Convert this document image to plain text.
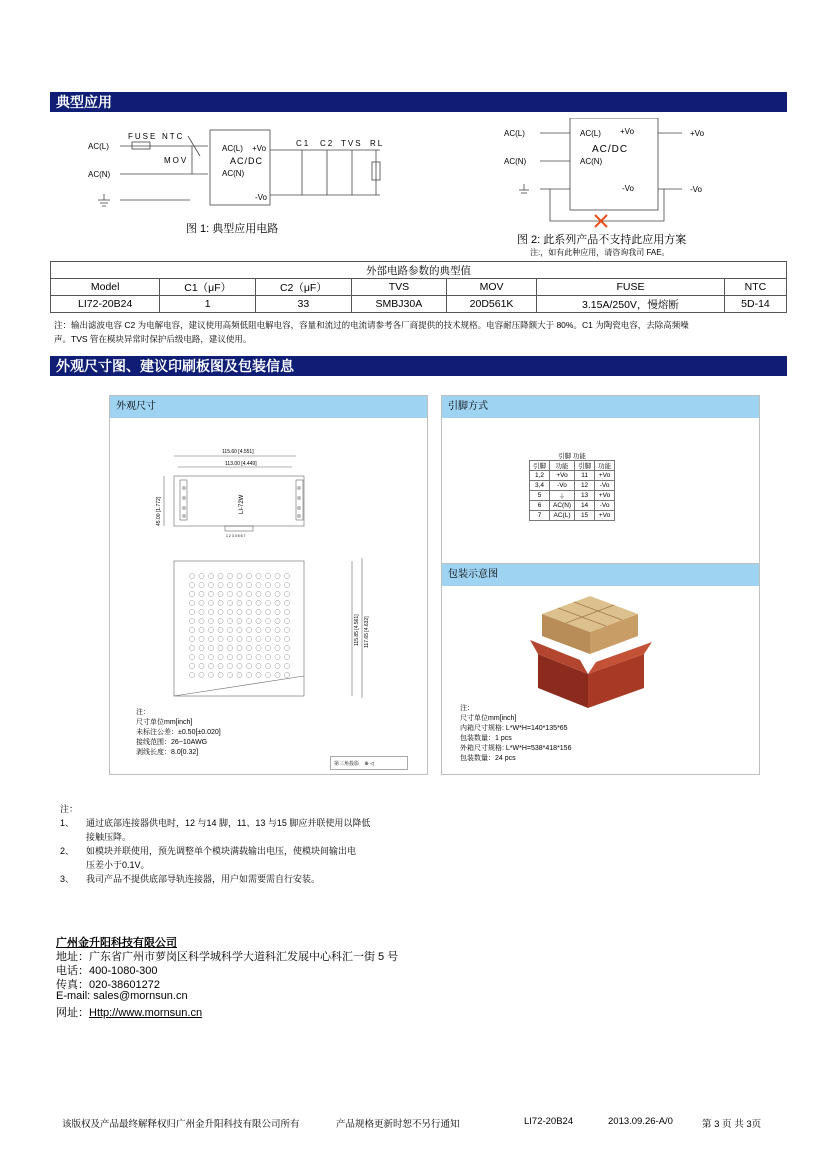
典型应用
AC(L)
AC(N)
FUSE NTC
MOV
AC(L) +Vo
AC/DC
AC(N)
-Vo
C1 C2 TVS RL
图 1: 典型应用电路
AC(L)
AC(N)
AC(L) +Vo
AC/DC
AC(N)
-Vo
+Vo
-Vo
图 2: 此系列产品不支持此应用方案
注:，如有此种应用，请咨询我司 FAE。
外部电路参数的典型值						
Model	C1（μF）	C2（μF）	TVS	MOV	FUSE	NTC
LI72-20B24	1	33	SMBJ30A	20D561K	3.15A/250V，慢熔断	5D-14
注：输出滤波电容 C2 为电解电容，建议使用高频低阻电解电容，容量和流过的电流请参考各厂商提供的技术规格。电容耐压降额大于 80%。C1 为陶瓷电容，去除高频噪
声。TVS 管在模块异常时保护后级电路，建议使用。
外观尺寸图、建议印刷板图及包装信息
外观尺寸
115.60 [4.551]
113.00 [4.449]
45.00 [1.772]
115.85 [4.561] 117.65 [4.632]
LI-72W
1 2 3 4 5 6 7
注：
尺寸单位mm[inch]
未标注公差：±0.50[±0.020]
接线范围：26~10AWG
剥线长度：8.0[0.32]
第三角投影 ⊕ ◁
引脚方式
引脚 功能			
引脚	功能	引脚	功能
1,2	+Vo	11	+Vo
3,4	-Vo	12	-Vo
5	⏚	13	+Vo
6	AC(N)	14	-Vo
7	AC(L)	15	+Vo
包装示意图
注：
尺寸单位mm[inch]
内箱尺寸规格: L*W*H=140*135*65
包装数量：1 pcs
外箱尺寸规格: L*W*H=538*418*156
包装数量：24 pcs
注：
1、	通过底部连接器供电时，12 与14 脚，11、13 与15 脚应并联使用以降低
接触压降。
2、	如模块并联使用，预先调整单个模块满载输出电压，使模块间输出电
压差小于0.1V。
3、	我司产品不提供底部导轨连接器，用户如需要需自行安装。
广州金升阳科技有限公司
地址：广东省广州市萝岗区科学城科学大道科汇发展中心科汇一街 5 号
电话：400-1080-300
传真：020-38601272
E-mail: sales@mornsun.cn
网址：Http://www.mornsun.cn
该版权及产品最终解释权归广州金升阳科技有限公司所有	产品规格更新时恕不另行通知	LI72-20B24	2013.09.26-A/0	第 3 页 共 3页
